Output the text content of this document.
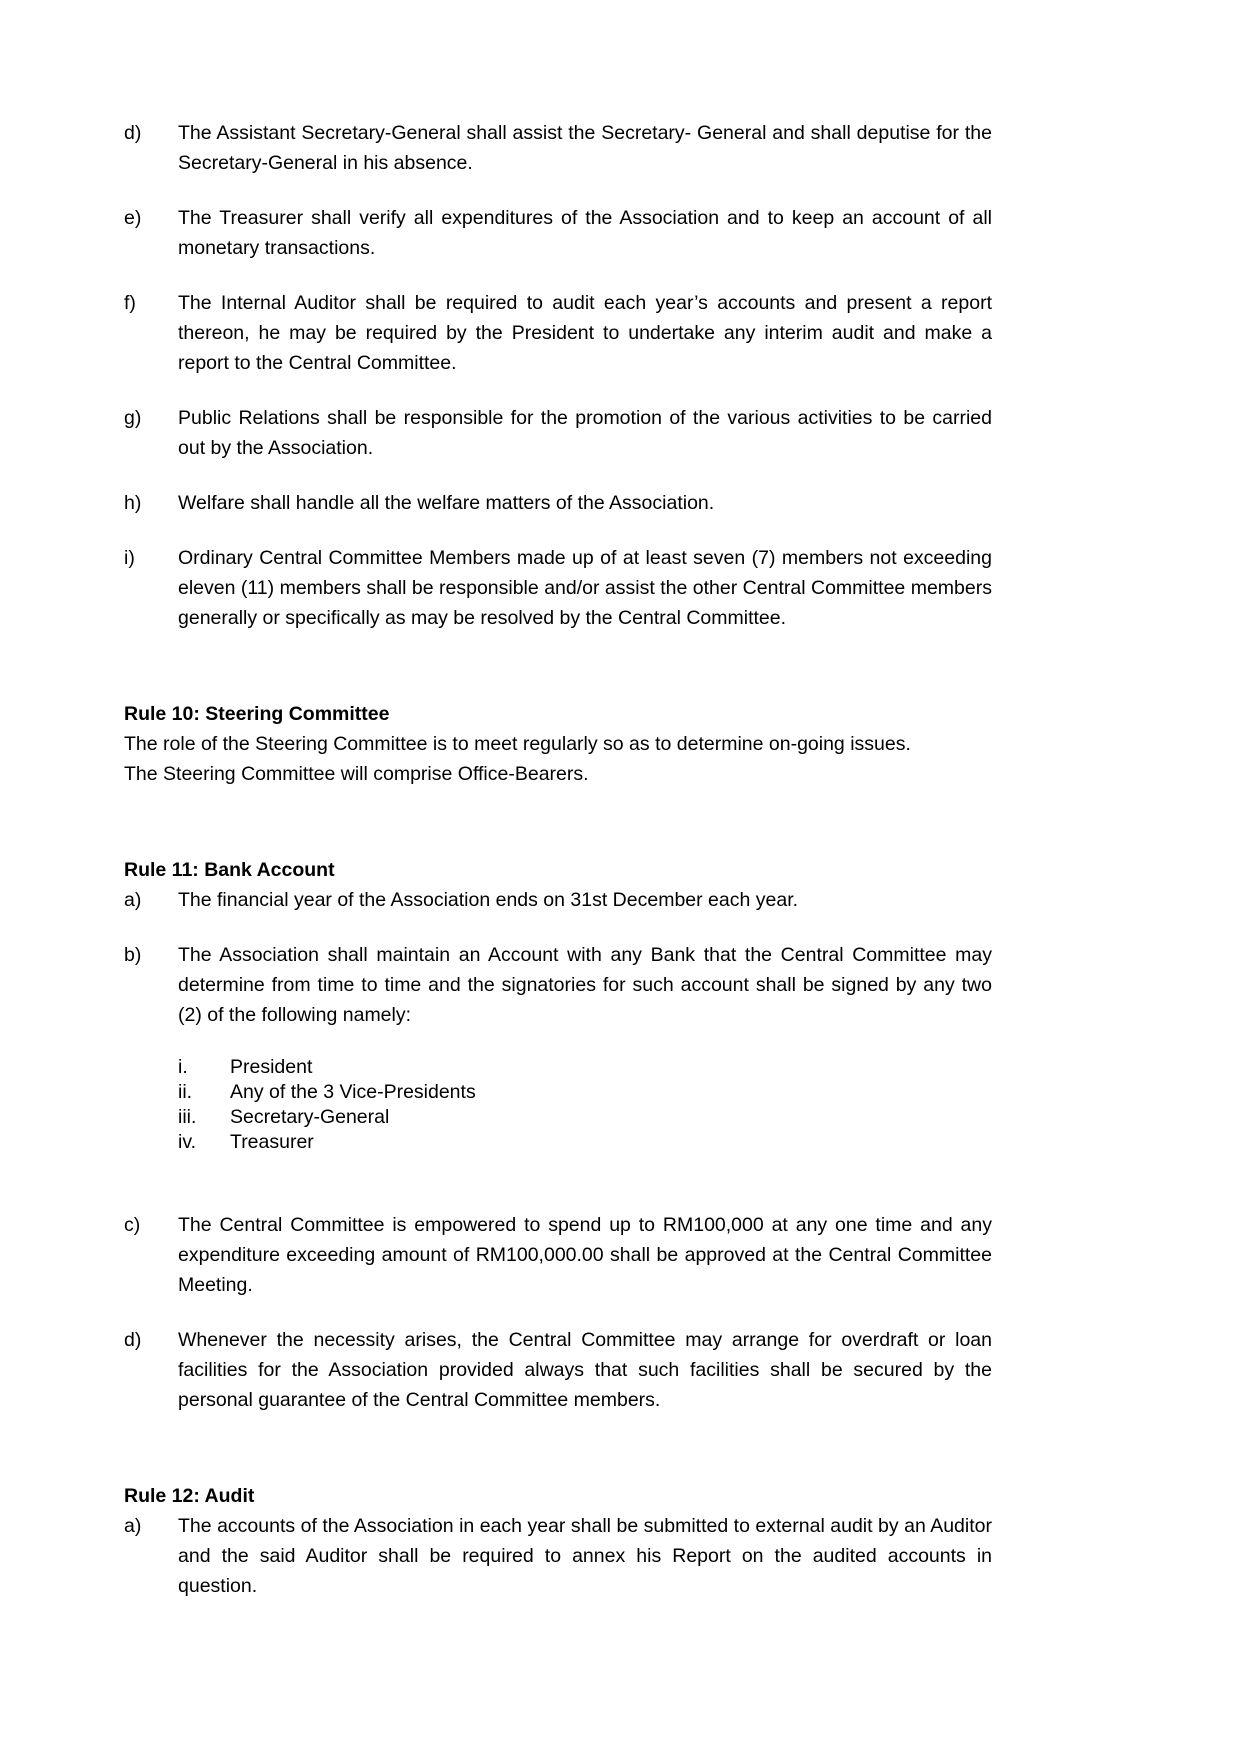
d)	The Assistant Secretary-General shall assist the Secretary- General and shall deputise for the Secretary-General in his absence.
e)	The Treasurer shall verify all expenditures of the Association and to keep an account of all monetary transactions.
f)	The Internal Auditor shall be required to audit each year’s accounts and present a report thereon, he may be required by the President to undertake any interim audit and make a report to the Central Committee.
g)	Public Relations shall be responsible for the promotion of the various activities to be carried out by the Association.
h)	Welfare shall handle all the welfare matters of the Association.
i)	Ordinary Central Committee Members made up of at least seven (7) members not exceeding eleven (11) members shall be responsible and/or assist the other Central Committee members generally or specifically as may be resolved by the Central Committee.
Rule 10: Steering Committee
The role of the Steering Committee is to meet regularly so as to determine on-going issues. The Steering Committee will comprise Office-Bearers.
Rule 11: Bank Account
a)	The financial year of the Association ends on 31st December each year.
b)	The Association shall maintain an Account with any Bank that the Central Committee may determine from time to time and the signatories for such account shall be signed by any two (2) of the following namely:
i.	President
ii.	Any of the 3 Vice-Presidents
iii.	Secretary-General
iv.	Treasurer
c)	The Central Committee is empowered to spend up to RM100,000 at any one time and any expenditure exceeding amount of RM100,000.00 shall be approved at the Central Committee Meeting.
d)	Whenever the necessity arises, the Central Committee may arrange for overdraft or loan facilities for the Association provided always that such facilities shall be secured by the personal guarantee of the Central Committee members.
Rule 12: Audit
a)	The accounts of the Association in each year shall be submitted to external audit by an Auditor and the said Auditor shall be required to annex his Report on the audited accounts in question.
